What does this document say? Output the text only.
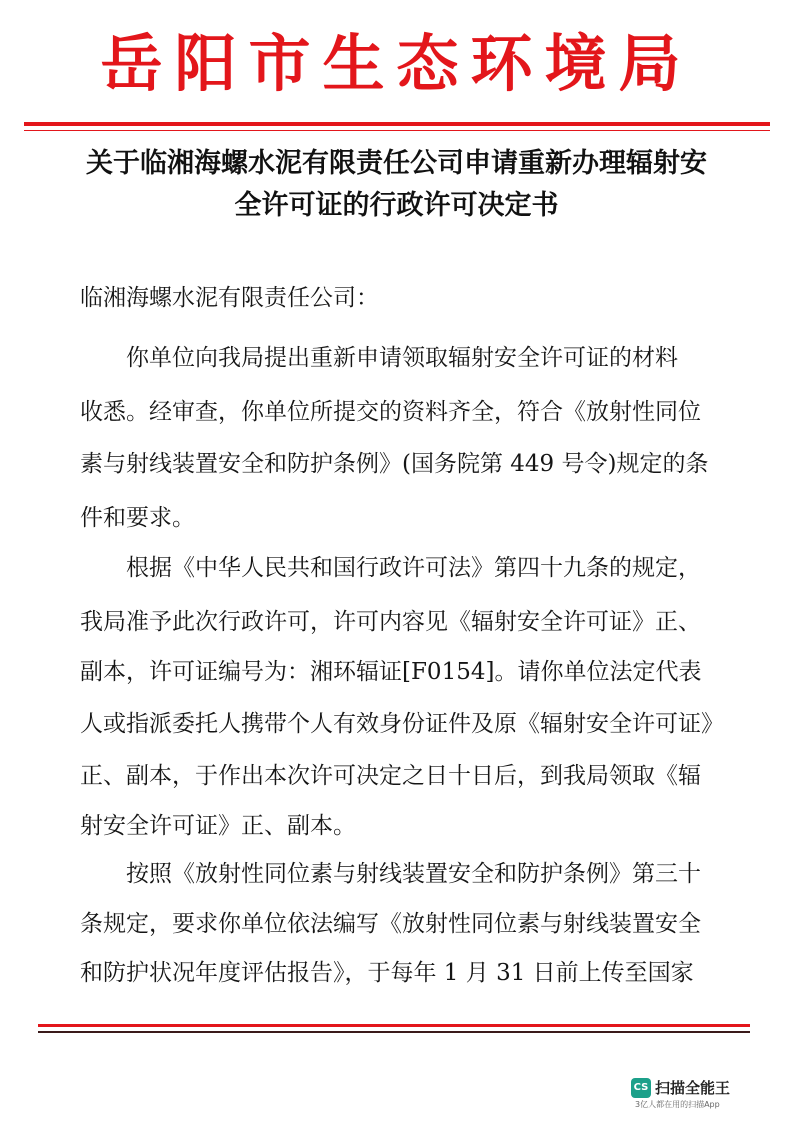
岳阳市生态环境局
关于临湘海螺水泥有限责任公司申请重新办理辐射安
全许可证的行政许可决定书
临湘海螺水泥有限责任公司：
你单位向我局提出重新申请领取辐射安全许可证的材料
收悉。经审查，你单位所提交的资料齐全，符合《放射性同位
素与射线装置安全和防护条例》(国务院第 449 号令)规定的条
件和要求。
根据《中华人民共和国行政许可法》第四十九条的规定，
我局准予此次行政许可，许可内容见《辐射安全许可证》正、
副本，许可证编号为：湘环辐证[F0154]。请你单位法定代表
人或指派委托人携带个人有效身份证件及原《辐射安全许可证》
正、副本，于作出本次许可决定之日十日后，到我局领取《辐
射安全许可证》正、副本。
按照《放射性同位素与射线装置安全和防护条例》第三十
条规定，要求你单位依法编写《放射性同位素与射线装置安全
和防护状况年度评估报告》，于每年 1 月 31 日前上传至国家
CS 扫描全能王
3亿人都在用的扫描App
